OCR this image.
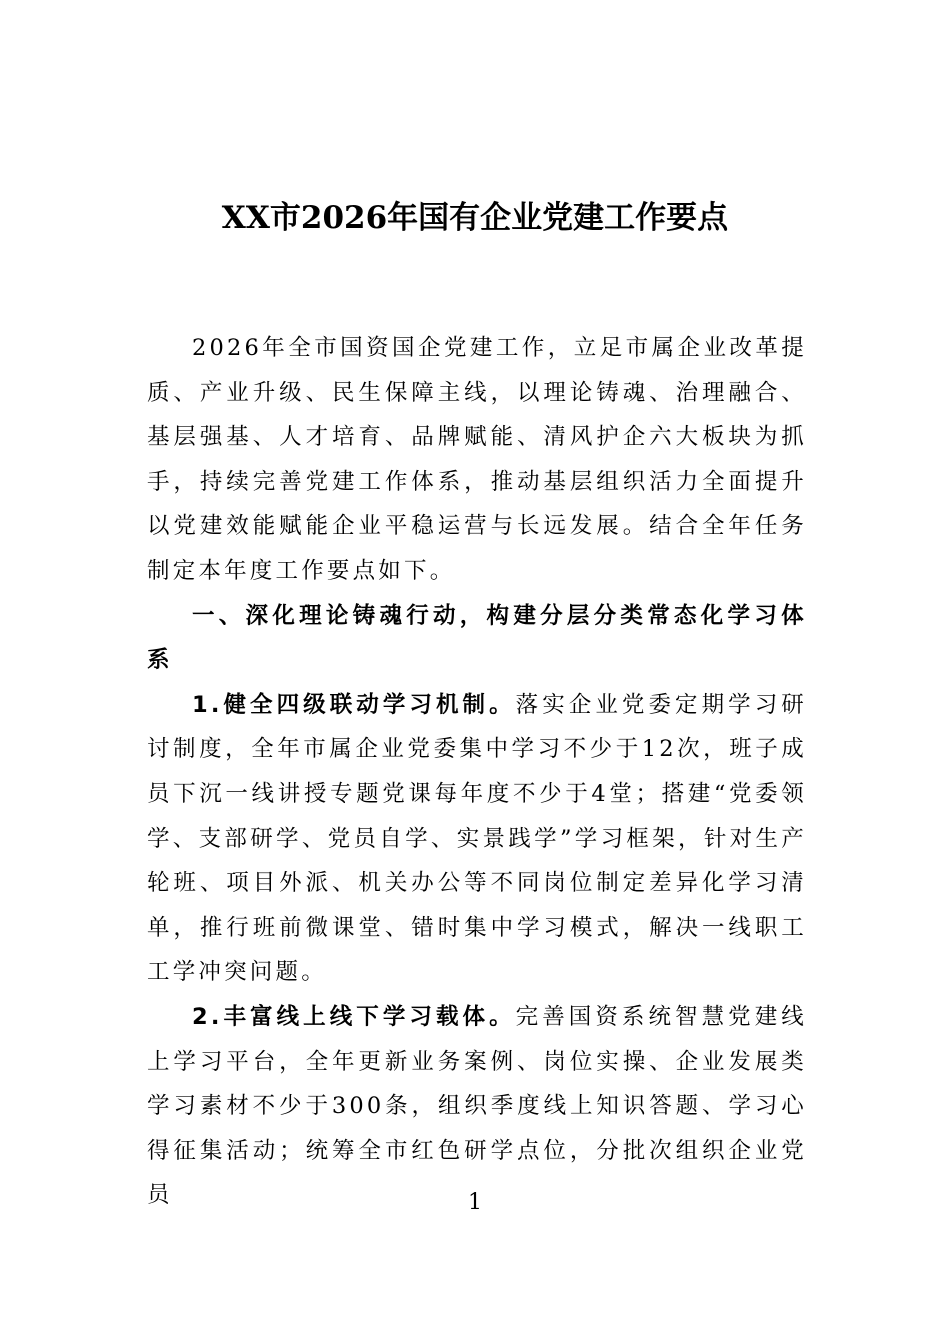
XX市2026年国有企业党建工作要点

2026年全市国资国企党建工作，立足市属企业改革提质、产业升级、民生保障主线，以理论铸魂、治理融合、基层强基、人才培育、品牌赋能、清风护企六大板块为抓手，持续完善党建工作体系，推动基层组织活力全面提升以党建效能赋能企业平稳运营与长远发展。结合全年任务制定本年度工作要点如下。

一、深化理论铸魂行动，构建分层分类常态化学习体系

1.健全四级联动学习机制。落实企业党委定期学习研讨制度，全年市属企业党委集中学习不少于12次，班子成员下沉一线讲授专题党课每年度不少于4堂；搭建“党委领学、支部研学、党员自学、实景践学”学习框架，针对生产轮班、项目外派、机关办公等不同岗位制定差异化学习清单，推行班前微课堂、错时集中学习模式，解决一线职工工学冲突问题。

2.丰富线上线下学习载体。完善国资系统智慧党建线上学习平台，全年更新业务案例、岗位实操、企业发展类学习素材不少于300条，组织季度线上知识答题、学习心得征集活动；统筹全市红色研学点位，分批次组织企业党员	1
